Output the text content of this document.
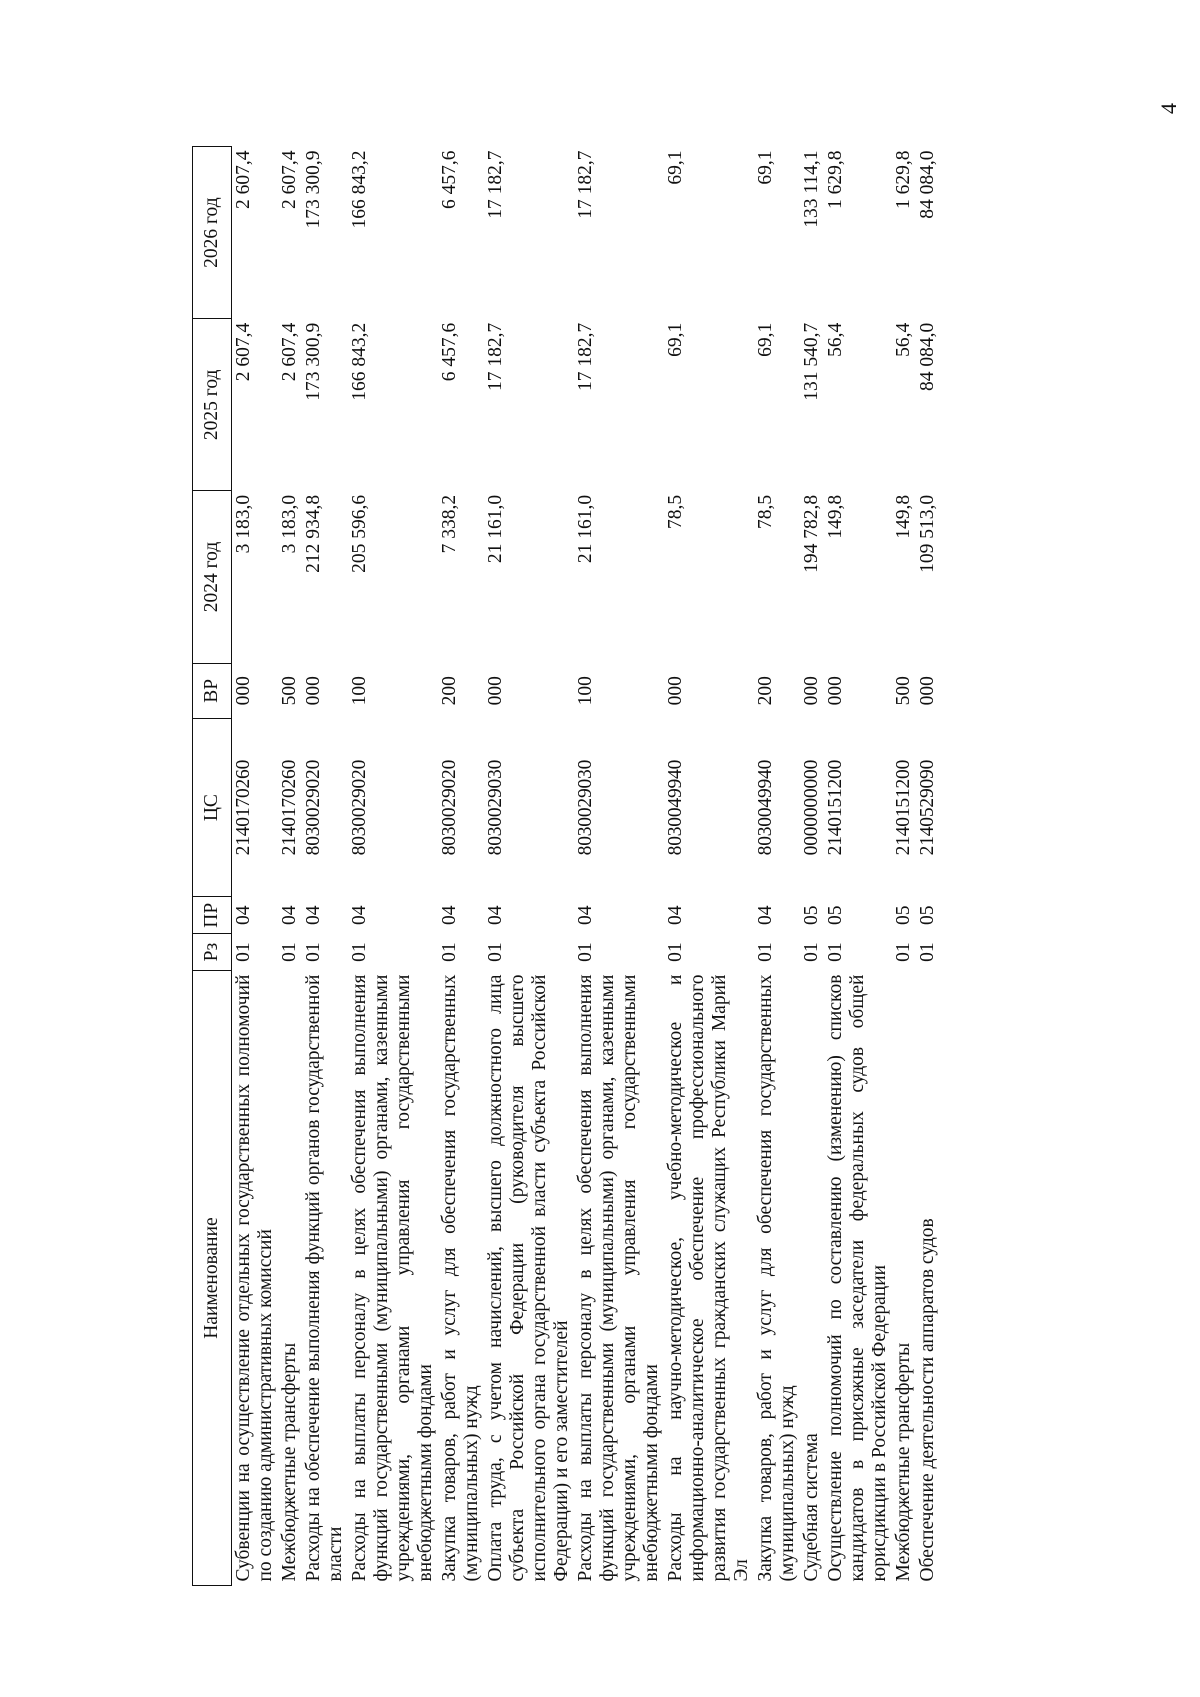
4
Наименование	Рз	ПР	ЦС	ВР	2024 год	2025 год	2026 год
Субвенции на осуществление отдельных государственных полномочий по созданию административных комиссий	01	04	2140170260	000	3 183,0	2 607,4	2 607,4
Межбюджетные трансферты	01	04	2140170260	500	3 183,0	2 607,4	2 607,4
Расходы на обеспечение выполнения функций органов государственной власти	01	04	8030029020	000	212 934,8	173 300,9	173 300,9
Расходы на выплаты персоналу в целях обеспечения выполнения функций государственными (муниципальными) органами, казенными учреждениями, органами управления государственными внебюджетными фондами	01	04	8030029020	100	205 596,6	166 843,2	166 843,2
Закупка товаров, работ и услуг для обеспечения государственных (муниципальных) нужд	01	04	8030029020	200	7 338,2	6 457,6	6 457,6
Оплата труда, с учетом начислений, высшего должностного лица субъекта Российской Федерации (руководителя высшего исполнительного органа государственной власти субъекта Российской Федерации) и его заместителей	01	04	8030029030	000	21 161,0	17 182,7	17 182,7
Расходы на выплаты персоналу в целях обеспечения выполнения функций государственными (муниципальными) органами, казенными учреждениями, органами управления государственными внебюджетными фондами	01	04	8030029030	100	21 161,0	17 182,7	17 182,7
Расходы на научно-методическое, учебно-методическое и информационно-аналитическое обеспечение профессионального развития государственных гражданских служащих Республики Марий Эл	01	04	8030049940	000	78,5	69,1	69,1
Закупка товаров, работ и услуг для обеспечения государственных (муниципальных) нужд	01	04	8030049940	200	78,5	69,1	69,1
Судебная система	01	05	0000000000	000	194 782,8	131 540,7	133 114,1
Осуществление полномочий по составлению (изменению) списков кандидатов в присяжные заседатели федеральных судов общей юрисдикции в Российской Федерации	01	05	2140151200	000	149,8	56,4	1 629,8
Межбюджетные трансферты	01	05	2140151200	500	149,8	56,4	1 629,8
Обеспечение деятельности аппаратов судов	01	05	2140529090	000	109 513,0	84 084,0	84 084,0
